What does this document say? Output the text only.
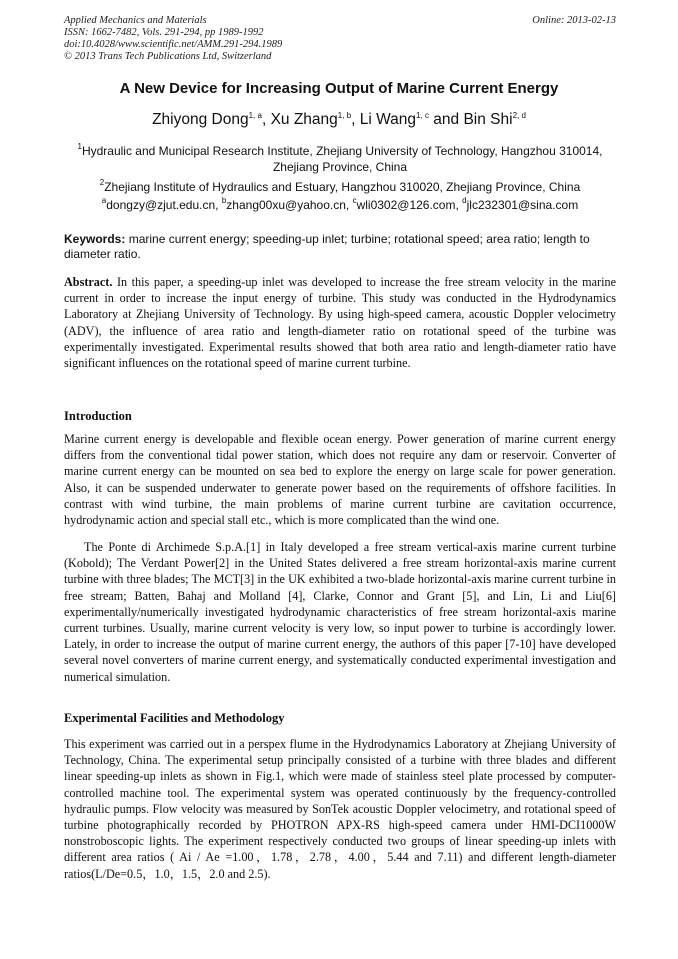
Applied Mechanics and Materials
ISSN: 1662-7482, Vols. 291-294, pp 1989-1992
doi:10.4028/www.scientific.net/AMM.291-294.1989
© 2013 Trans Tech Publications Ltd, Switzerland
Online: 2013-02-13
A New Device for Increasing Output of Marine Current Energy
Zhiyong Dong$^{1, a}$, Xu Zhang$^{1, b}$, Li Wang$^{1, c}$ and Bin Shi$^{2, d}$
$^1$Hydraulic and Municipal Research Institute, Zhejiang University of Technology, Hangzhou 310014, Zhejiang Province, China
$^2$Zhejiang Institute of Hydraulics and Estuary, Hangzhou 310020, Zhejiang Province, China
$^a$dongzy@zjut.edu.cn, $^b$zhang00xu@yahoo.cn, $^c$wli0302@126.com, $^d$jlc232301@sina.com
Keywords: marine current energy; speeding-up inlet; turbine; rotational speed; area ratio; length to diameter ratio.
Abstract. In this paper, a speeding-up inlet was developed to increase the free stream velocity in the marine current in order to increase the input energy of turbine. This study was conducted in the Hydrodynamics Laboratory at Zhejiang University of Technology. By using high-speed camera, acoustic Doppler velocimetry (ADV), the influence of area ratio and length-diameter ratio on rotational speed of the turbine was experimentally investigated. Experimental results showed that both area ratio and length-diameter ratio have significant influences on the rotational speed of marine current turbine.
Introduction
Marine current energy is developable and flexible ocean energy. Power generation of marine current energy differs from the conventional tidal power station, which does not require any dam or reservoir. Converter of marine current energy can be mounted on sea bed to explore the energy on large scale for power generation. Also, it can be suspended underwater to generate power based on the requirements of offshore facilities. In contrast with wind turbine, the main problems of marine current turbine are cavitation occurrence, hydrodynamic action and special stall etc., which is more complicated than the wind one.
The Ponte di Archimede S.p.A.[1] in Italy developed a free stream vertical-axis marine current turbine (Kobold); The Verdant Power[2] in the United States delivered a free stream horizontal-axis marine current turbine with three blades; The MCT[3] in the UK exhibited a two-blade horizontal-axis marine current turbine in free stream; Batten, Bahaj and Molland [4], Clarke, Connor and Grant [5], and Lin, Li and Liu[6] experimentally/numerically investigated hydrodynamic characteristics of free stream horizontal-axis marine current turbines. Usually, marine current velocity is very low, so input power to turbine is accordingly lower. Lately, in order to increase the output of marine current energy, the authors of this paper [7-10] have developed several novel converters of marine current energy, and systematically conducted experimental investigation and numerical simulation.
Experimental Facilities and Methodology
This experiment was carried out in a perspex flume in the Hydrodynamics Laboratory at Zhejiang University of Technology, China. The experimental setup principally consisted of a turbine with three blades and different linear speeding-up inlets as shown in Fig.1, which were made of stainless steel plate processed by computer-controlled machine tool. The experimental system was operated continuously by the frequency-controlled hydraulic pumps. Flow velocity was measured by SonTek acoustic Doppler velocimetry, and rotational speed of turbine photographically recorded by PHOTRON APX-RS high-speed camera under HMI-DCI1000W nonstroboscopic lights. The experiment respectively conducted two groups of linear speeding-up inlets with different area ratios ( Ai / Ae =1.00，1.78，2.78，4.00，5.44 and 7.11) and different length-diameter ratios(L/De=0.5，1.0，1.5，2.0 and 2.5).
